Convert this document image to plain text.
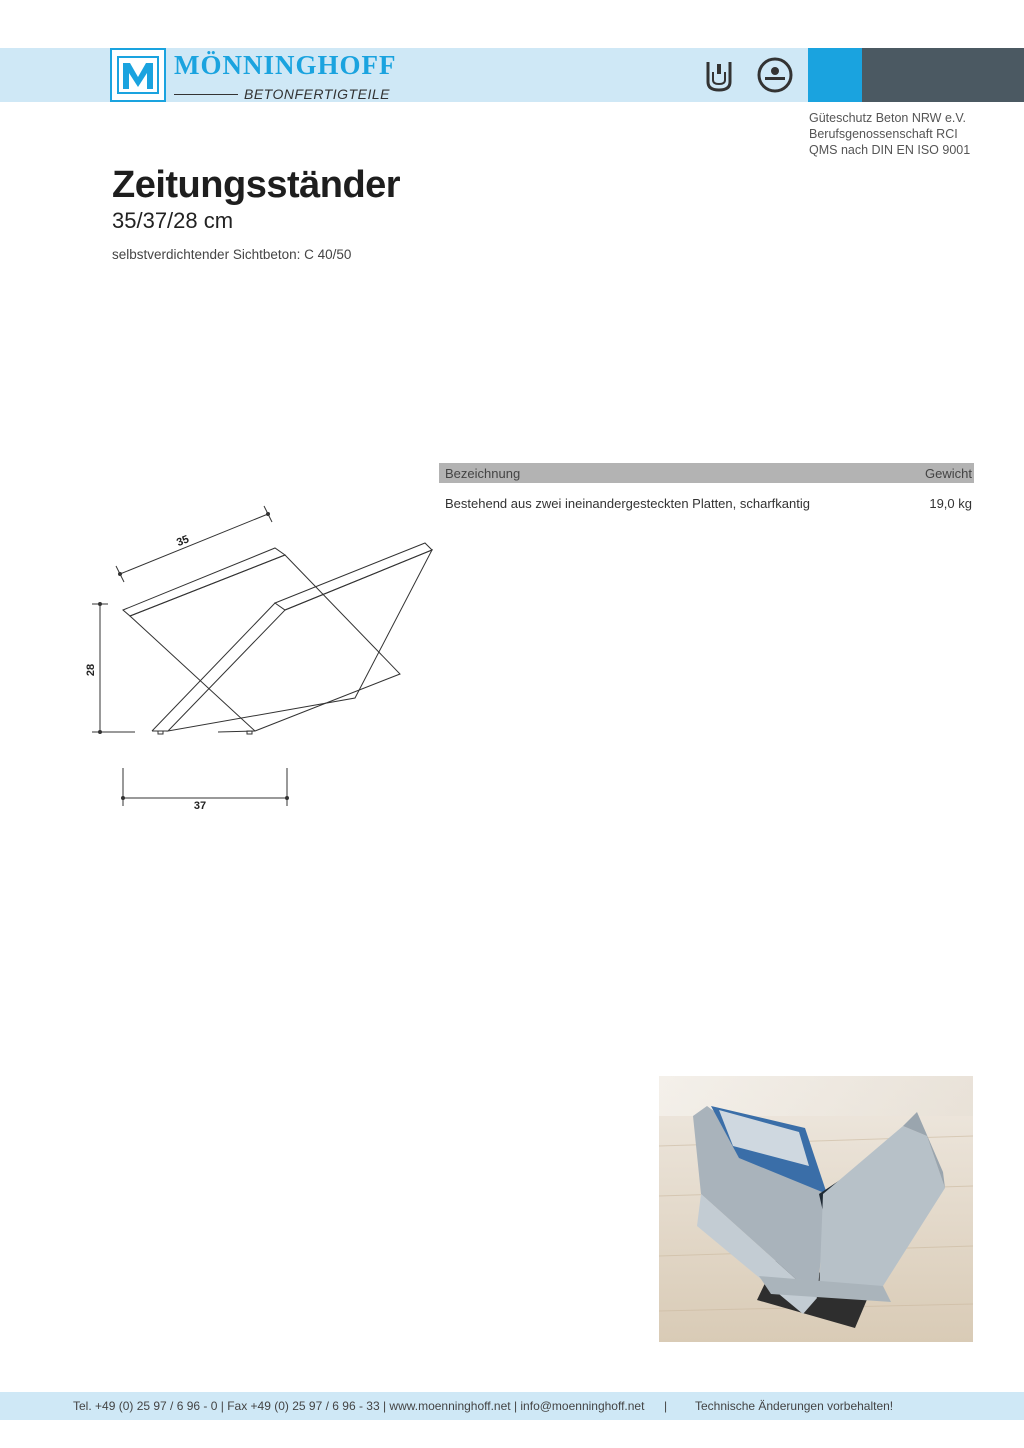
MÖNNINGHOFF
BETONFERTIGTEILE
Güteschutz Beton NRW e.V.
Berufsgenossenschaft RCI
QMS nach DIN EN ISO 9001
Zeitungsständer
35/37/28 cm
selbstverdichtender Sichtbeton: C 40/50
35
28
37
Bezeichnung	Gewicht
Bestehend aus zwei ineinandergesteckten Platten, scharfkantig	19,0 kg
Tel. +49 (0) 25 97 / 6 96 - 0 | Fax +49 (0) 25 97 / 6 96 - 33 | www.moenninghoff.net | info@moenninghoff.net | Technische Änderungen vorbehalten!
